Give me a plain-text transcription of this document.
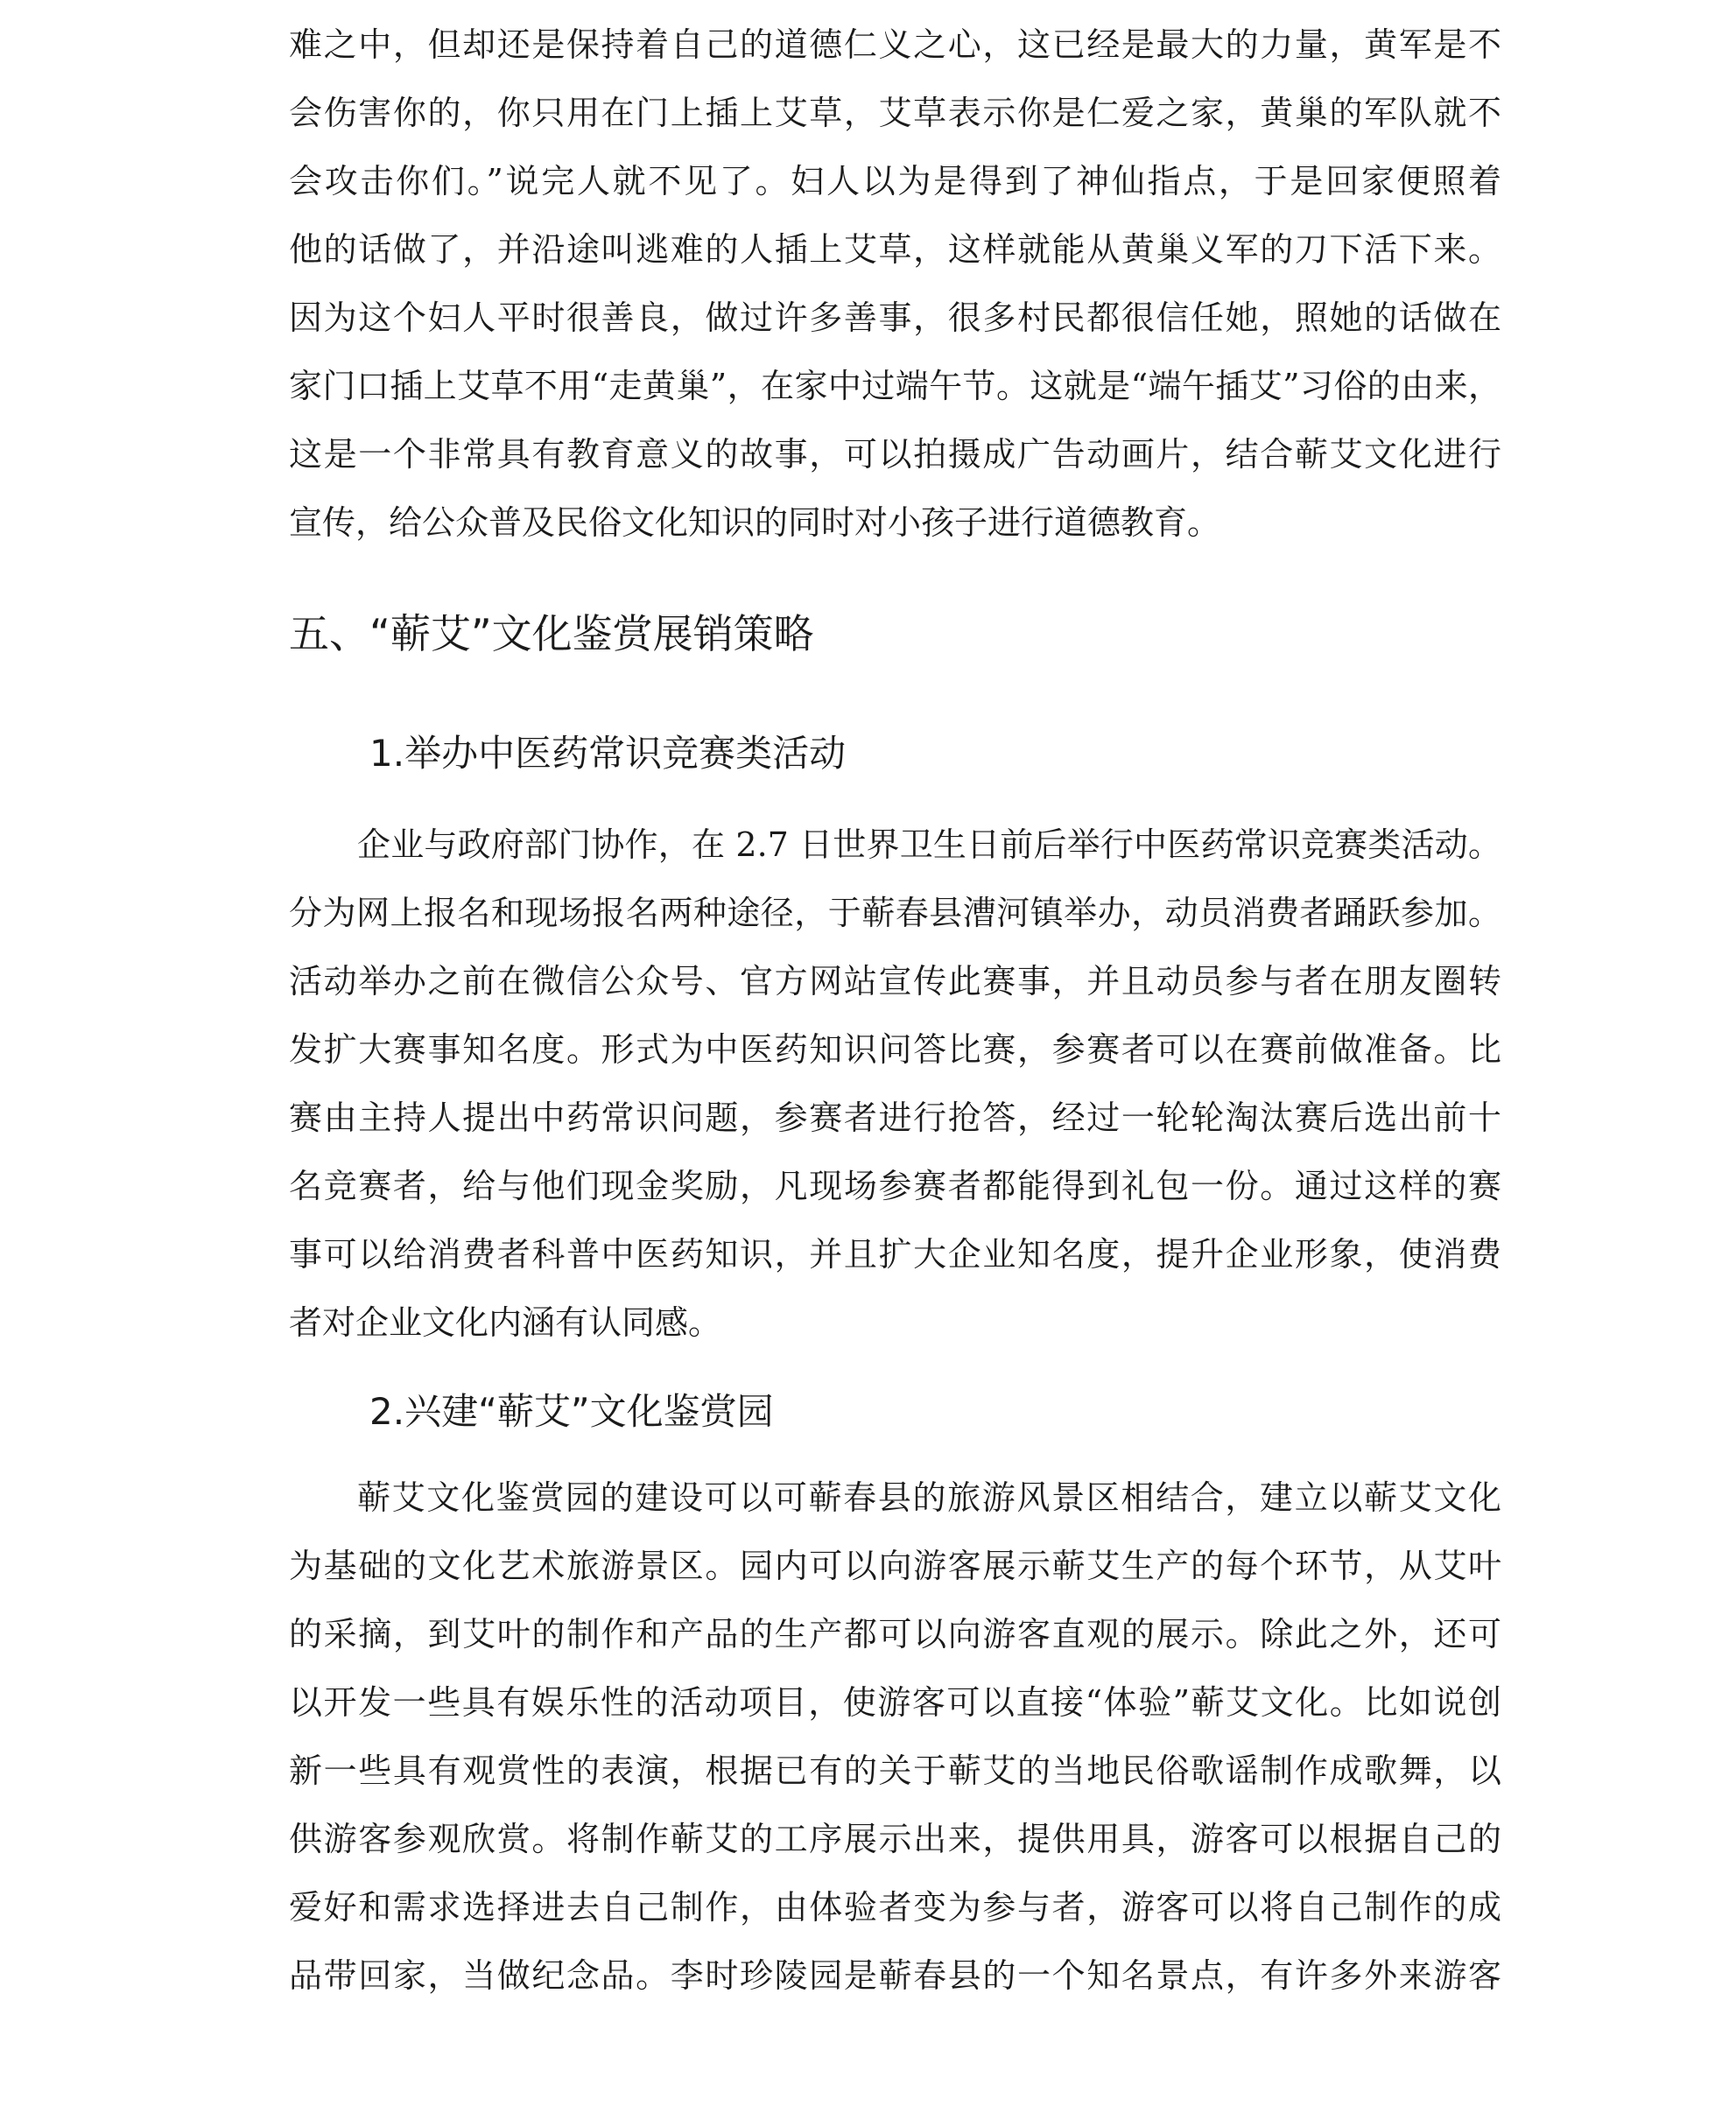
难之中，但却还是保持着自己的道德仁义之心，这已经是最大的力量，黄军是不
会伤害你的，你只用在门上插上艾草，艾草表示你是仁爱之家，黄巢的军队就不
会攻击你们。”说完人就不见了。妇人以为是得到了神仙指点，于是回家便照着
他的话做了，并沿途叫逃难的人插上艾草，这样就能从黄巢义军的刀下活下来。
因为这个妇人平时很善良，做过许多善事，很多村民都很信任她，照她的话做在
家门口插上艾草不用“走黄巢”，在家中过端午节。这就是“端午插艾”习俗的由来，
这是一个非常具有教育意义的故事，可以拍摄成广告动画片，结合蕲艾文化进行
宣传，给公众普及民俗文化知识的同时对小孩子进行道德教育。
五、“蕲艾”文化鉴赏展销策略
1.举办中医药常识竞赛类活动
企业与政府部门协作，在 2.7 日世界卫生日前后举行中医药常识竞赛类活动。
分为网上报名和现场报名两种途径，于蕲春县漕河镇举办，动员消费者踊跃参加。
活动举办之前在微信公众号、官方网站宣传此赛事，并且动员参与者在朋友圈转
发扩大赛事知名度。形式为中医药知识问答比赛，参赛者可以在赛前做准备。比
赛由主持人提出中药常识问题，参赛者进行抢答，经过一轮轮淘汰赛后选出前十
名竞赛者，给与他们现金奖励，凡现场参赛者都能得到礼包一份。通过这样的赛
事可以给消费者科普中医药知识，并且扩大企业知名度，提升企业形象，使消费
者对企业文化内涵有认同感。
2.兴建“蕲艾”文化鉴赏园
蕲艾文化鉴赏园的建设可以可蕲春县的旅游风景区相结合，建立以蕲艾文化
为基础的文化艺术旅游景区。园内可以向游客展示蕲艾生产的每个环节，从艾叶
的采摘，到艾叶的制作和产品的生产都可以向游客直观的展示。除此之外，还可
以开发一些具有娱乐性的活动项目，使游客可以直接“体验”蕲艾文化。比如说创
新一些具有观赏性的表演，根据已有的关于蕲艾的当地民俗歌谣制作成歌舞，以
供游客参观欣赏。将制作蕲艾的工序展示出来，提供用具，游客可以根据自己的
爱好和需求选择进去自己制作，由体验者变为参与者，游客可以将自己制作的成
品带回家，当做纪念品。李时珍陵园是蕲春县的一个知名景点，有许多外来游客
